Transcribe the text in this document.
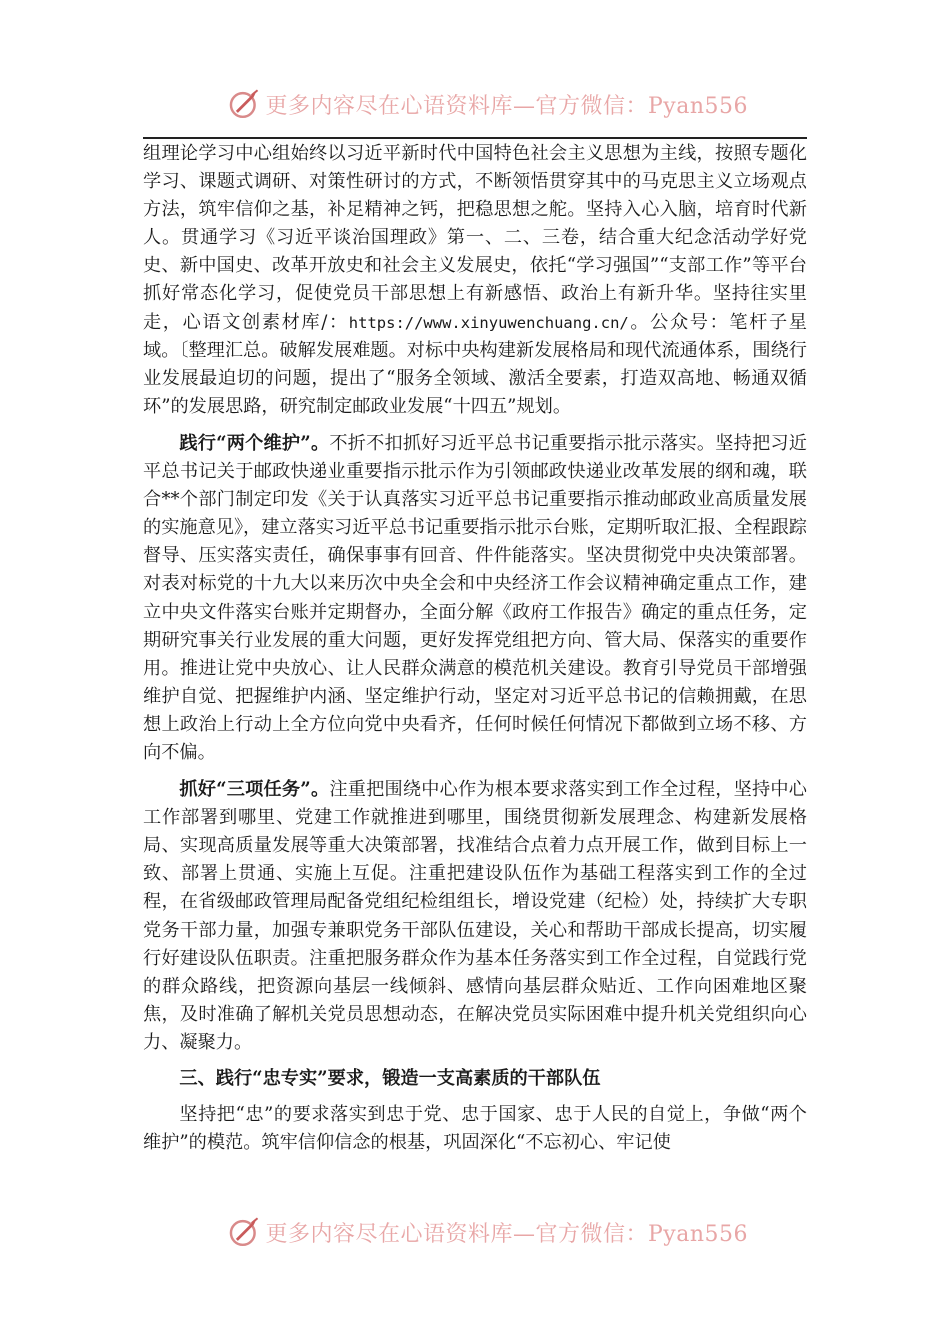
更多内容尽在心语资料库—官方微信：Pyan556

组理论学习中心组始终以习近平新时代中国特色社会主义思想为主线，按照专题化学习、课题式调研、对策性研讨的方式，不断领悟贯穿其中的马克思主义立场观点方法，筑牢信仰之基，补足精神之钙，把稳思想之舵。坚持入心入脑，培育时代新人。贯通学习《习近平谈治国理政》第一、二、三卷，结合重大纪念活动学好党史、新中国史、改革开放史和社会主义发展史，依托“学习强国”“支部工作”等平台抓好常态化学习，促使党员干部思想上有新感悟、政治上有新升华。坚持往实里走，心语文创素材库/：https://www.xinyuwenchuang.cn/。公众号：笔杆子星域。〔整理汇总。破解发展难题。对标中央构建新发展格局和现代流通体系，围绕行业发展最迫切的问题，提出了“服务全领域、激活全要素，打造双高地、畅通双循环”的发展思路，研究制定邮政业发展“十四五”规划。

践行“两个维护”。不折不扣抓好习近平总书记重要指示批示落实。坚持把习近平总书记关于邮政快递业重要指示批示作为引领邮政快递业改革发展的纲和魂，联合**个部门制定印发《关于认真落实习近平总书记重要指示推动邮政业高质量发展的实施意见》，建立落实习近平总书记重要指示批示台账，定期听取汇报、全程跟踪督导、压实落实责任，确保事事有回音、件件能落实。坚决贯彻党中央决策部署。对表对标党的十九大以来历次中央全会和中央经济工作会议精神确定重点工作，建立中央文件落实台账并定期督办，全面分解《政府工作报告》确定的重点任务，定期研究事关行业发展的重大问题，更好发挥党组把方向、管大局、保落实的重要作用。推进让党中央放心、让人民群众满意的模范机关建设。教育引导党员干部增强维护自觉、把握维护内涵、坚定维护行动，坚定对习近平总书记的信赖拥戴，在思想上政治上行动上全方位向党中央看齐，任何时候任何情况下都做到立场不移、方向不偏。

抓好“三项任务”。注重把围绕中心作为根本要求落实到工作全过程，坚持中心工作部署到哪里、党建工作就推进到哪里，围绕贯彻新发展理念、构建新发展格局、实现高质量发展等重大决策部署，找准结合点着力点开展工作，做到目标上一致、部署上贯通、实施上互促。注重把建设队伍作为基础工程落实到工作的全过程，在省级邮政管理局配备党组纪检组组长，增设党建（纪检）处，持续扩大专职党务干部力量，加强专兼职党务干部队伍建设，关心和帮助干部成长提高，切实履行好建设队伍职责。注重把服务群众作为基本任务落实到工作全过程，自觉践行党的群众路线，把资源向基层一线倾斜、感情向基层群众贴近、工作向困难地区聚焦，及时准确了解机关党员思想动态，在解决党员实际困难中提升机关党组织向心力、凝聚力。

三、践行“忠专实”要求，锻造一支高素质的干部队伍

坚持把“忠”的要求落实到忠于党、忠于国家、忠于人民的自觉上，争做“两个维护”的模范。筑牢信仰信念的根基，巩固深化“不忘初心、牢记使

更多内容尽在心语资料库—官方微信：Pyan556
